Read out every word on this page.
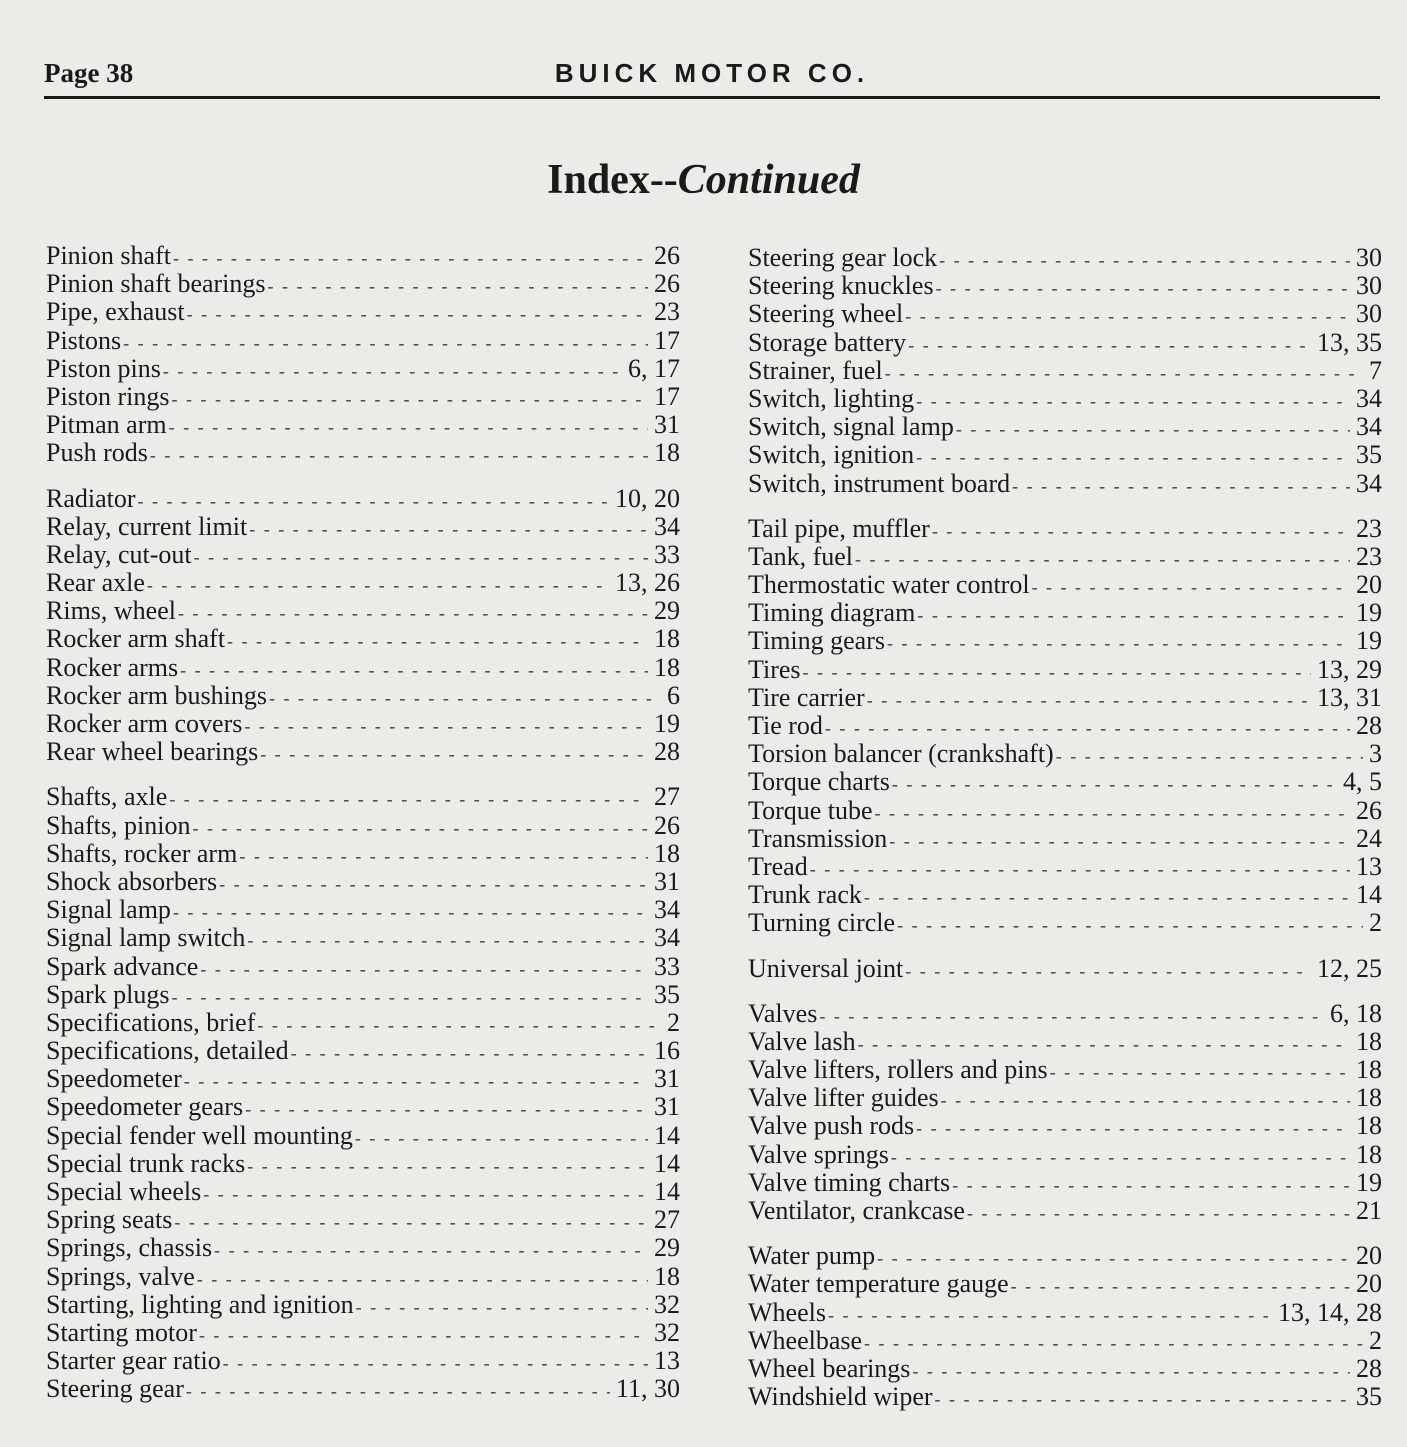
Page 38	BUICK MOTOR CO.
Index--Continued
Pinion shaft - - -	26
Pinion shaft bearings - - -	26
Pipe, exhaust - - -	23
Pistons - - -	17
Piston pins - - -	6, 17
Piston rings - - -	17
Pitman arm - - -	31
Push rods - - -	18
Radiator - - -	10, 20
Relay, current limit - - -	34
Relay, cut-out - - -	33
Rear axle - - -	13, 26
Rims, wheel - - -	29
Rocker arm shaft - - -	18
Rocker arms - - -	18
Rocker arm bushings - - -	6
Rocker arm covers - - -	19
Rear wheel bearings - - -	28
Shafts, axle - - -	27
Shafts, pinion - - -	26
Shafts, rocker arm - - -	18
Shock absorbers - - -	31
Signal lamp - - -	34
Signal lamp switch - - -	34
Spark advance - - -	33
Spark plugs - - -	35
Specifications, brief - - -	2
Specifications, detailed - - -	16
Speedometer - - -	31
Speedometer gears - - -	31
Special fender well mounting - - -	14
Special trunk racks - - -	14
Special wheels - - -	14
Spring seats - - -	27
Springs, chassis - - -	29
Springs, valve - - -	18
Starting, lighting and ignition - - -	32
Starting motor - - -	32
Starter gear ratio - - -	13
Steering gear - - -	11, 30
Steering gear lock - - -	30
Steering knuckles - - -	30
Steering wheel - - -	30
Storage battery - - -	13, 35
Strainer, fuel - - -	7
Switch, lighting - - -	34
Switch, signal lamp - - -	34
Switch, ignition - - -	35
Switch, instrument board - - -	34
Tail pipe, muffler - - -	23
Tank, fuel - - -	23
Thermostatic water control - - -	20
Timing diagram - - -	19
Timing gears - - -	19
Tires - - -	13, 29
Tire carrier - - -	13, 31
Tie rod - - -	28
Torsion balancer (crankshaft) - - -	3
Torque charts - - -	4, 5
Torque tube - - -	26
Transmission - - -	24
Tread - - -	13
Trunk rack - - -	14
Turning circle - - -	2
Universal joint - - -	12, 25
Valves - - -	6, 18
Valve lash - - -	18
Valve lifters, rollers and pins - - -	18
Valve lifter guides - - -	18
Valve push rods - - -	18
Valve springs - - -	18
Valve timing charts - - -	19
Ventilator, crankcase - - -	21
Water pump - - -	20
Water temperature gauge - - -	20
Wheels - - -	13, 14, 28
Wheelbase - - -	2
Wheel bearings - - -	28
Windshield wiper - - -	35
